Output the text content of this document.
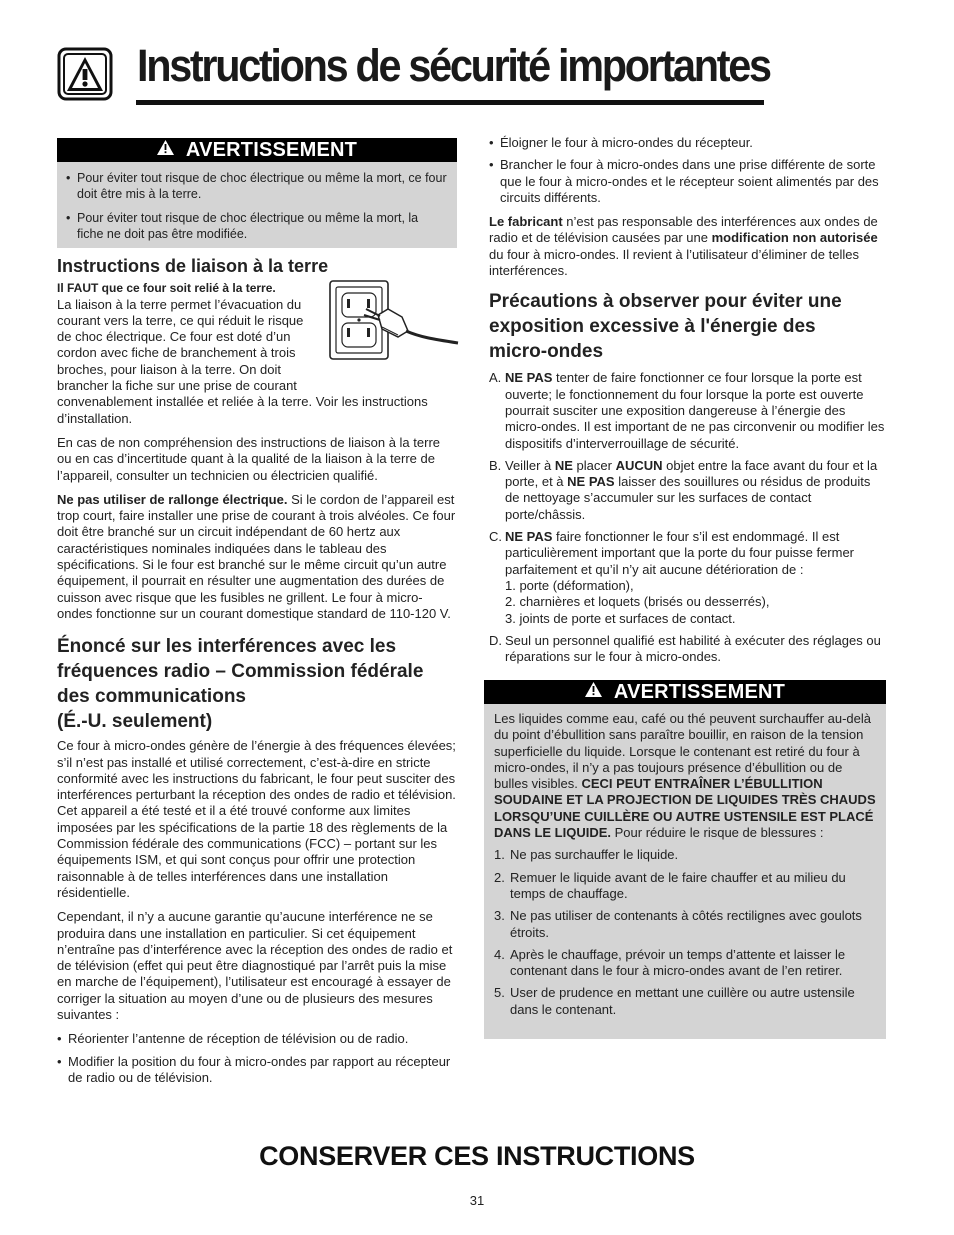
Instructions de sécurité importantes
AVERTISSEMENT
• Pour éviter tout risque de choc électrique ou même la mort, ce four doit être mis à la terre.
• Pour éviter tout risque de choc électrique ou même la mort, la fiche ne doit pas être modifiée.
Instructions de liaison à la terre

Il FAUT que ce four soit relié à la terre.

La liaison à la terre permet l’évacuation du
courant vers la terre, ce qui réduit le risque
de choc électrique. Ce four est doté d’un
cordon avec fiche de branchement à trois
broches, pour liaison à la terre. On doit
brancher la fiche sur une prise de courant

convenablement installée et reliée à la terre. Voir les instructions d’installation.

En cas de non compréhension des instructions de liaison à la terre ou en cas d’incertitude quant à la qualité de la liaison à la terre de l’appareil, consulter un technicien ou électricien qualifié.

Ne pas utiliser de rallonge électrique. Si le cordon de l’appareil est trop court, faire installer une prise de courant à trois alvéoles. Ce four doit être branché sur un circuit indépendant de 60 hertz aux caractéristiques nominales indiquées dans le tableau des spécifications. Si le four est branché sur le même circuit qu’un autre équipement, il pourrait en résulter une augmentation des durées de cuisson avec risque que les fusibles ne grillent. Le four à micro-ondes fonctionne sur un courant domestique standard de 110-120 V.

Énoncé sur les interférences avec les
fréquences radio – Commission fédérale
des communications
(É.-U. seulement)

Ce four à micro-ondes génère de l’énergie à des fréquences élevées; s’il n’est pas installé et utilisé correctement, c’est-à-dire en stricte conformité avec les instructions du fabricant, le four peut susciter des interférences perturbant la réception des ondes de radio et télévision. Cet appareil a été testé et il a été trouvé conforme aux limites imposées par les spécifications de la partie 18 des règlements de la Commission fédérale des communications (FCC) – portant sur les équipements ISM, et qui sont conçus pour offrir une protection raisonnable à de telles interférences dans une installation résidentielle.

Cependant, il n’y a aucune garantie qu’aucune interférence ne se produira dans une installation en particulier. Si cet équipement n’entraîne pas d’interférence avec la réception des ondes de radio et de télévision (effet qui peut être diagnostiqué par l’arrêt puis la mise en marche de l’équipement), l’utilisateur est encouragé à essayer de corriger la situation au moyen d’une ou de plusieurs des mesures suivantes :

• Réorienter l’antenne de réception de télévision ou de radio.
• Modifier la position du four à micro-ondes par rapport au récepteur de radio ou de télévision.
• Éloigner le four à micro-ondes du récepteur.
• Brancher le four à micro-ondes dans une prise différente de sorte que le four à micro-ondes et le récepteur soient alimentés par des circuits différents.

Le fabricant n’est pas responsable des interférences aux ondes de radio et de télévision causées par une modification non autorisée du four à micro-ondes. Il revient à l’utilisateur d’éliminer de telles interférences.

Précautions à observer pour éviter une
exposition excessive à l'énergie des
micro-ondes
A. NE PAS tenter de faire fonctionner ce four lorsque la porte est ouverte; le fonctionnement du four lorsque la porte est ouverte pourrait susciter une exposition dangereuse à l’énergie des micro-ondes. Il est important de ne pas circonvenir ou modifier les dispositifs d’interverrouillage de sécurité.
B. Veiller à NE placer AUCUN objet entre la face avant du four et la porte, et à NE PAS laisser des souillures ou résidus de produits de nettoyage s’accumuler sur les surfaces de contact porte/châssis.
C. NE PAS faire fonctionner le four s’il est endommagé. Il est particulièrement important que la porte du four puisse fermer parfaitement et qu’il n’y ait aucune détérioration de :
1. porte (déformation),
2. charnières et loquets (brisés ou desserrés),
3. joints de porte et surfaces de contact.
D. Seul un personnel qualifié est habilité à exécuter des réglages ou réparations sur le four à micro-ondes.
AVERTISSEMENT

Les liquides comme eau, café ou thé peuvent surchauffer au-delà du point d’ébullition sans paraître bouillir, en raison de la tension superficielle du liquide. Lorsque le contenant est retiré du four à micro-ondes, il n’y a pas toujours présence d’ébullition ou de bulles visibles. CECI PEUT ENTRAÎNER L’ÉBULLITION SOUDAINE ET LA PROJECTION DE LIQUIDES TRÈS CHAUDS LORSQU’UNE CUILLÈRE OU AUTRE USTENSILE EST PLACÉ DANS LE LIQUIDE. Pour réduire le risque de blessures :

1. Ne pas surchauffer le liquide.
2. Remuer le liquide avant de le faire chauffer et au milieu du temps de chauffage.
3. Ne pas utiliser de contenants à côtés rectilignes avec goulots étroits.
4. Après le chauffage, prévoir un temps d’attente et laisser le contenant dans le four à micro-ondes avant de l’en retirer.
5. User de prudence en mettant une cuillère ou autre ustensile dans le contenant.
CONSERVER CES INSTRUCTIONS
31
